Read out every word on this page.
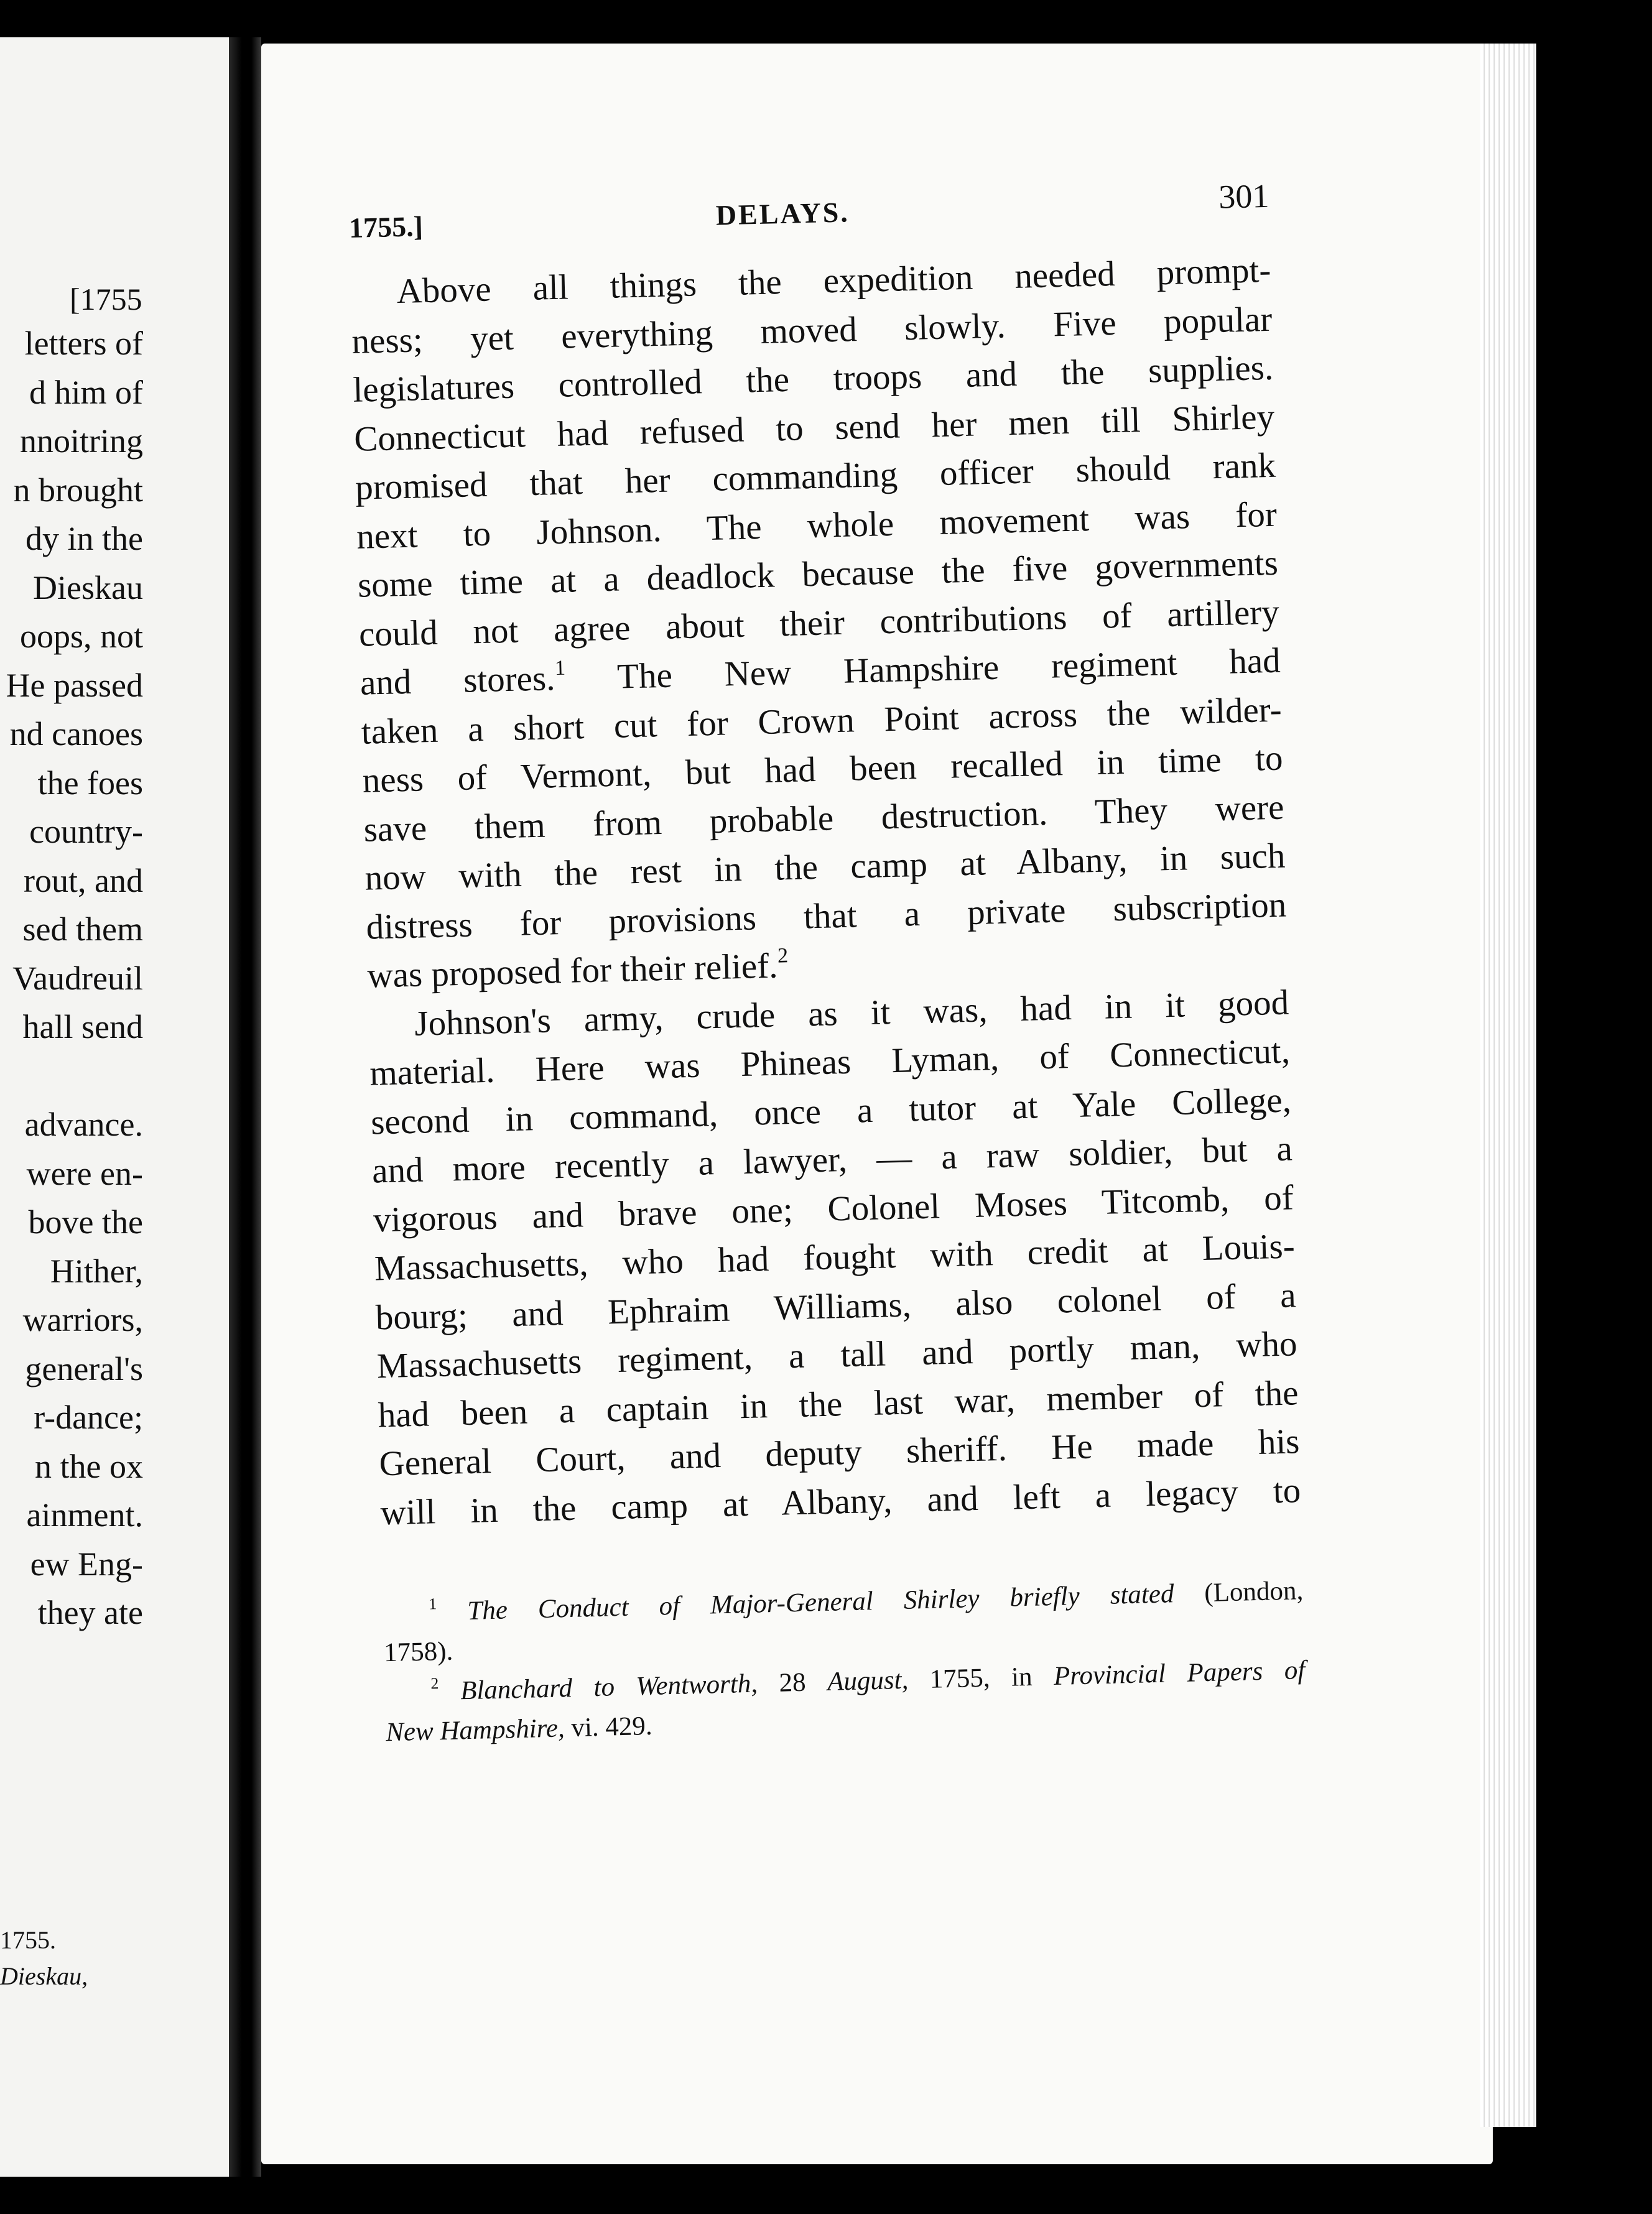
[1755
letters of
d him of
nnoitring
n brought
dy in the
Dieskau
oops, not
He passed
nd canoes
the foes
country-
rout, and
sed them
Vaudreuil
hall send
advance.
were en-
bove the
Hither,
warriors,
general's
r-dance;
n the ox
ainment.
ew Eng-
they ate
1755.
Dieskau,
1755.]	DELAYS.	301
Above all things the expedition needed prompt-
ness; yet everything moved slowly. Five popular
legislatures controlled the troops and the supplies.
Connecticut had refused to send her men till Shirley
promised that her commanding officer should rank
next to Johnson. The whole movement was for
some time at a deadlock because the five governments
could not agree about their contributions of artillery
and stores.$^1$ The New Hampshire regiment had
taken a short cut for Crown Point across the wilder-
ness of Vermont, but had been recalled in time to
save them from probable destruction. They were
now with the rest in the camp at Albany, in such
distress for provisions that a private subscription
was proposed for their relief.$^2$
Johnson's army, crude as it was, had in it good
material. Here was Phineas Lyman, of Connecticut,
second in command, once a tutor at Yale College,
and more recently a lawyer, — a raw soldier, but a
vigorous and brave one; Colonel Moses Titcomb, of
Massachusetts, who had fought with credit at Louis-
bourg; and Ephraim Williams, also colonel of a
Massachusetts regiment, a tall and portly man, who
had been a captain in the last war, member of the
General Court, and deputy sheriff. He made his
will in the camp at Albany, and left a legacy to
$^1$ The Conduct of Major-General Shirley briefly stated (London,
1758).
$^2$ Blanchard to Wentworth, 28 August, 1755, in Provincial Papers of
New Hampshire, vi. 429.
